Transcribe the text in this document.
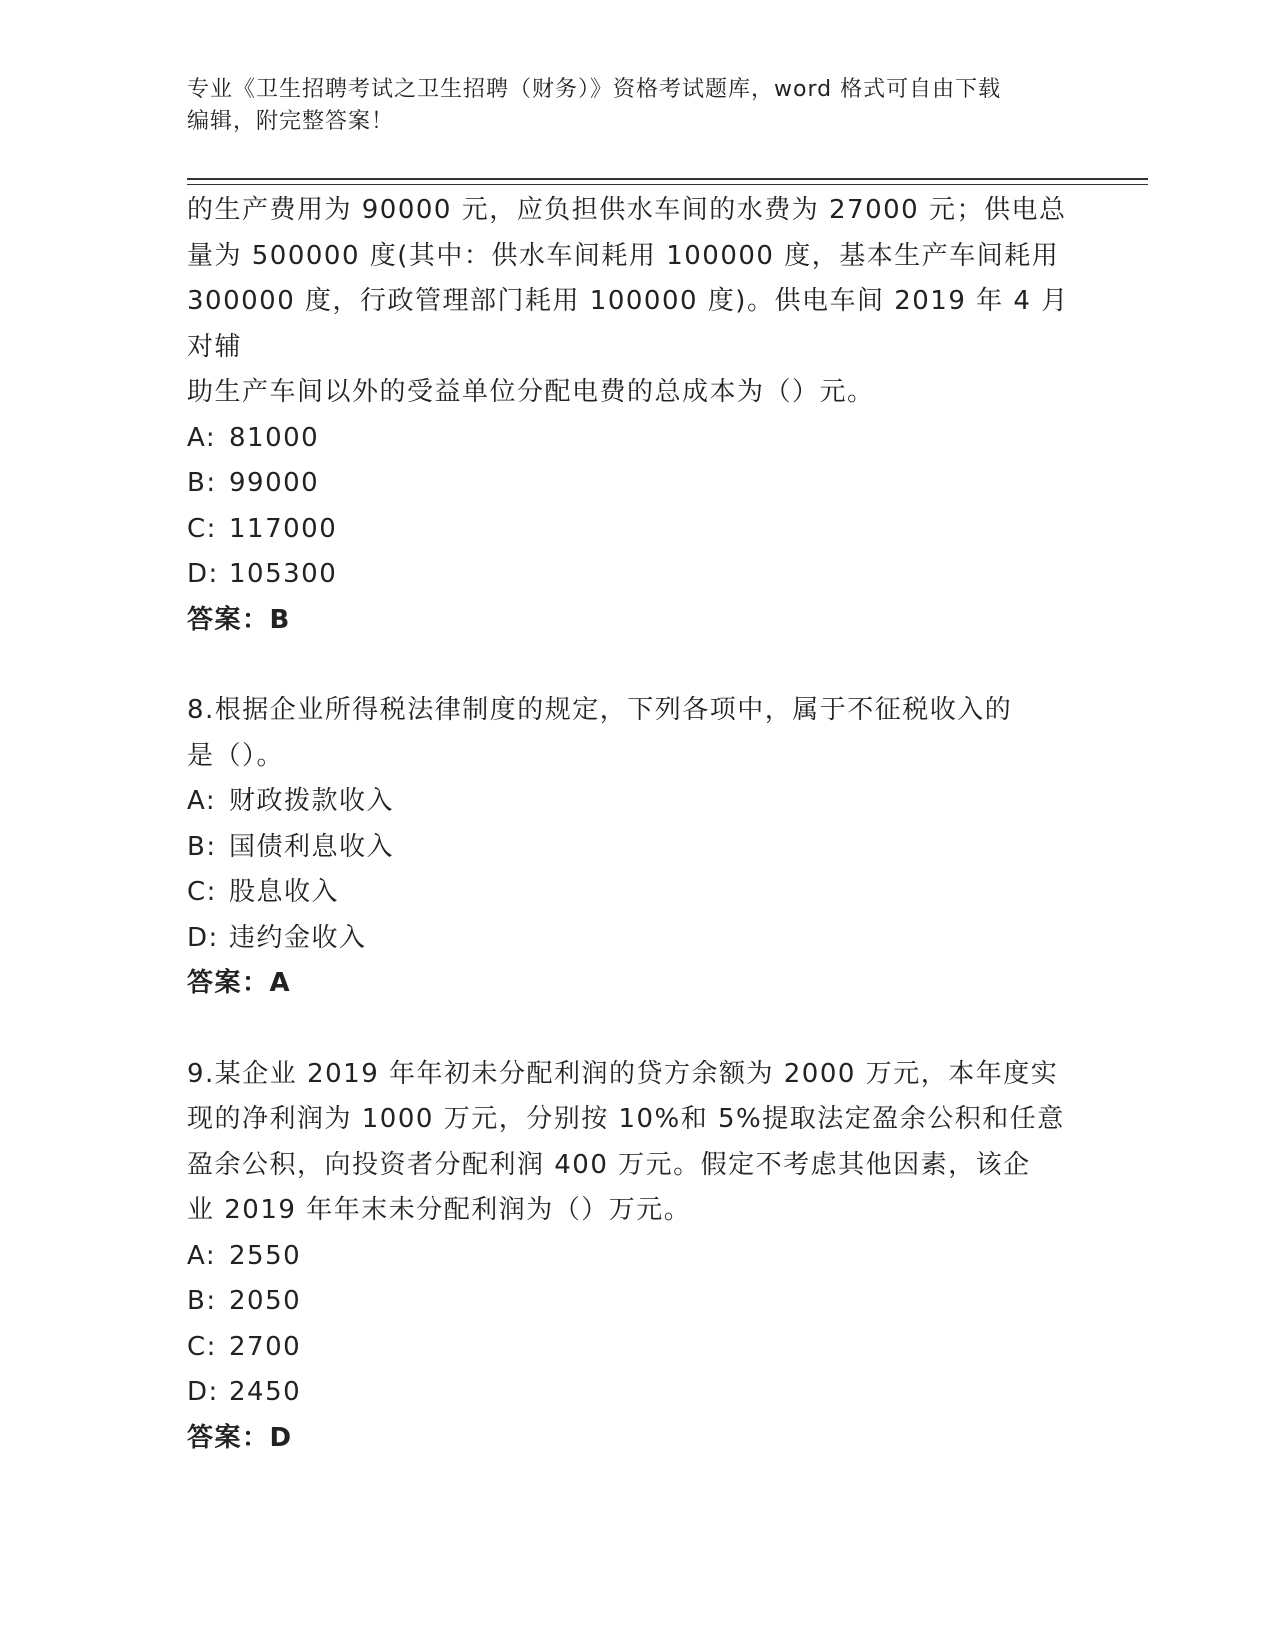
专业《卫生招聘考试之卫生招聘（财务）》资格考试题库，word 格式可自由下载
编辑，附完整答案！
的生产费用为 90000 元，应负担供水车间的水费为 27000 元；供电总
量为 500000 度(其中：供水车间耗用 100000 度，基本生产车间耗用
300000 度，行政管理部门耗用 100000 度)。供电车间 2019 年 4 月对辅
助生产车间以外的受益单位分配电费的总成本为（）元。
A: 81000
B: 99000
C: 117000
D: 105300
答案：B
8.根据企业所得税法律制度的规定，下列各项中，属于不征税收入的
是（）。
A: 财政拨款收入
B: 国债利息收入
C: 股息收入
D: 违约金收入
答案：A
9.某企业 2019 年年初未分配利润的贷方余额为 2000 万元，本年度实
现的净利润为 1000 万元，分别按 10%和 5%提取法定盈余公积和任意
盈余公积，向投资者分配利润 400 万元。假定不考虑其他因素，该企
业 2019 年年末未分配利润为（）万元。
A: 2550
B: 2050
C: 2700
D: 2450
答案：D
